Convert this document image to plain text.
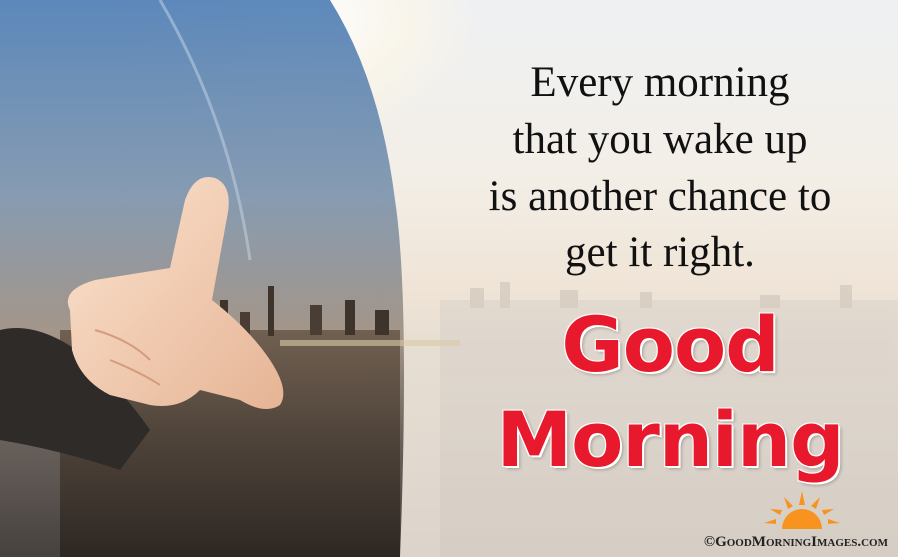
Every morning
that you wake up
is another chance to
get it right.
Good
Morning
©GoodMorningImages.com
